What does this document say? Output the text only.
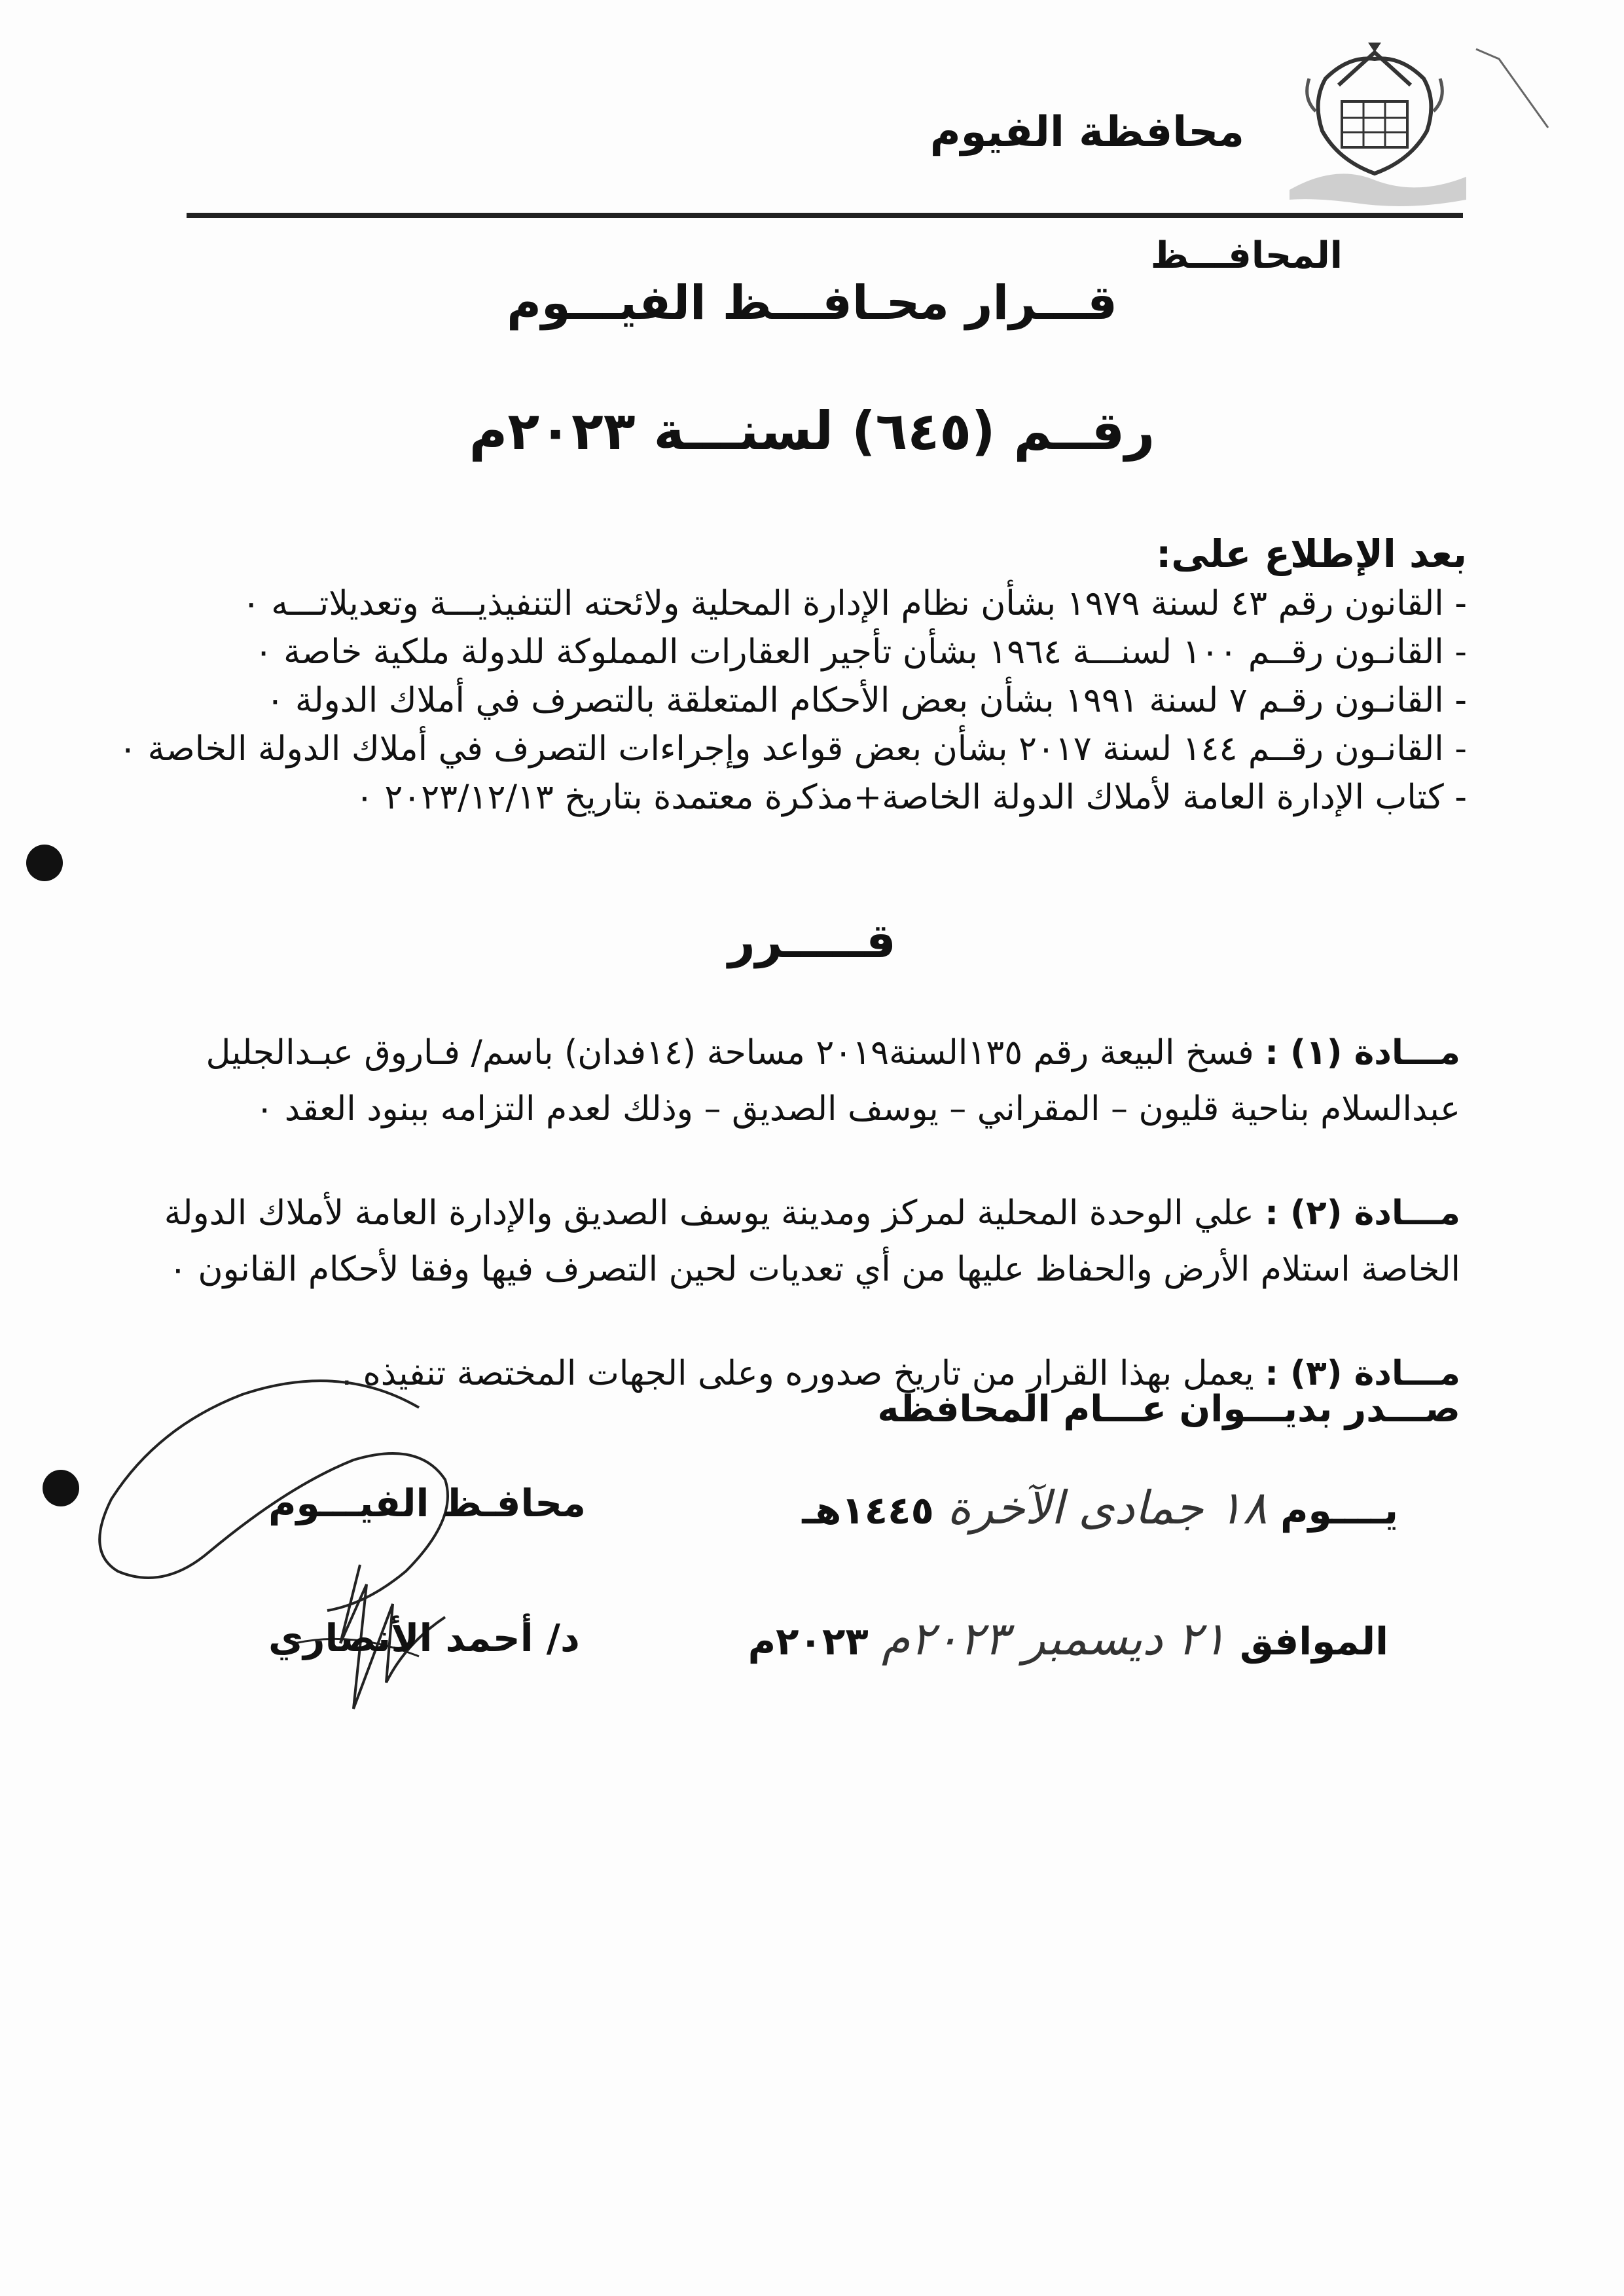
محافظة الفيوم
المحافـــظ
قـــرار محـافـــظ الفيـــوم
رقــم (٦٤٥) لسنـــة ٢٠٢٣م
بعد الإطلاع على:
- القانون رقم ٤٣ لسنة ١٩٧٩ بشأن نظام الإدارة المحلية ولائحته التنفيذيـــة وتعديلاتـــه ٠
- القانـون رقــم ١٠٠ لسنـــة ١٩٦٤ بشأن تأجير العقارات المملوكة للدولة ملكية خاصة ٠
- القانـون رقـم ٧ لسنة ١٩٩١ بشأن بعض الأحكام المتعلقة بالتصرف في أملاك الدولة ٠
- القانـون رقــم ١٤٤ لسنة ٢٠١٧ بشأن بعض قواعد وإجراءات التصرف في أملاك الدولة الخاصة ٠
- كتاب الإدارة العامة لأملاك الدولة الخاصة+مذكرة معتمدة بتاريخ ٢٠٢٣/١٢/١٣ ٠
قـــــرر
مـــادة (١) : فسخ البيعة رقم ١٣٥السنة٢٠١٩ مساحة (١٤فدان) باسم/ فـاروق عبـدالجليل عبدالسلام بناحية قليون – المقراني – يوسف الصديق – وذلك لعدم التزامه ببنود العقد ٠
مـــادة (٢) : علي الوحدة المحلية لمركز ومدينة يوسف الصديق والإدارة العامة لأملاك الدولة الخاصة استلام الأرض والحفاظ عليها من أي تعديات لحين التصرف فيها وفقا لأحكام القانون ٠
مـــادة (٣) : يعمل بهذا القرار من تاريخ صدوره وعلى الجهات المختصة تنفيذه .
صـــدر بديـــوان عـــام المحافظه
محافـظ الفيـــوم
د/ أحمد الأنصاري
يــــوم ١٨ جمادى الآخرة ١٤٤٥هـ
الموافق ٢١ ديسمبر ٢٠٢٣م ٢٠٢٣م
